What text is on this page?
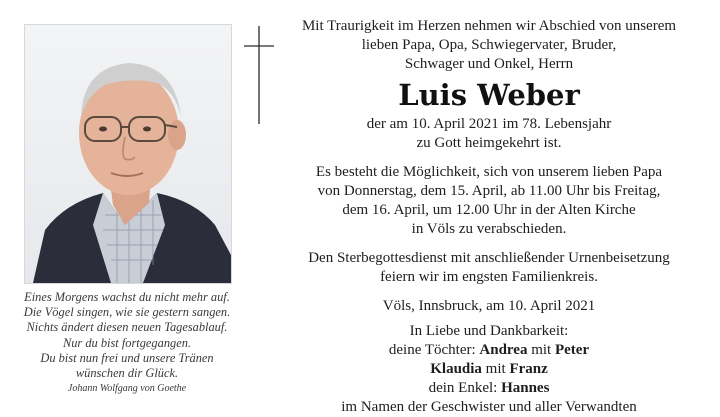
Eines Morgens wachst du nicht mehr auf.
Die Vögel singen, wie sie gestern sangen.
Nichts ändert diesen neuen Tagesablauf.
Nur du bist fortgegangen.
Du bist nun frei und unsere Tränen
wünschen dir Glück.
Johann Wolfgang von Goethe
Mit Traurigkeit im Herzen nehmen wir Abschied von unserem
lieben Papa, Opa, Schwiegervater, Bruder,
Schwager und Onkel, Herrn
Luis Weber
der am 10. April 2021 im 78. Lebensjahr
zu Gott heimgekehrt ist.
Es besteht die Möglichkeit, sich von unserem lieben Papa
von Donnerstag, dem 15. April, ab 11.00 Uhr bis Freitag,
dem 16. April, um 12.00 Uhr in der Alten Kirche
in Völs zu verabschieden.
Den Sterbegottesdienst mit anschließender Urnenbeisetzung
feiern wir im engsten Familienkreis.
Völs, Innsbruck, am 10. April 2021
In Liebe und Dankbarkeit:
deine Töchter: Andrea mit Peter
Klaudia mit Franz
dein Enkel: Hannes
im Namen der Geschwister und aller Verwandten
